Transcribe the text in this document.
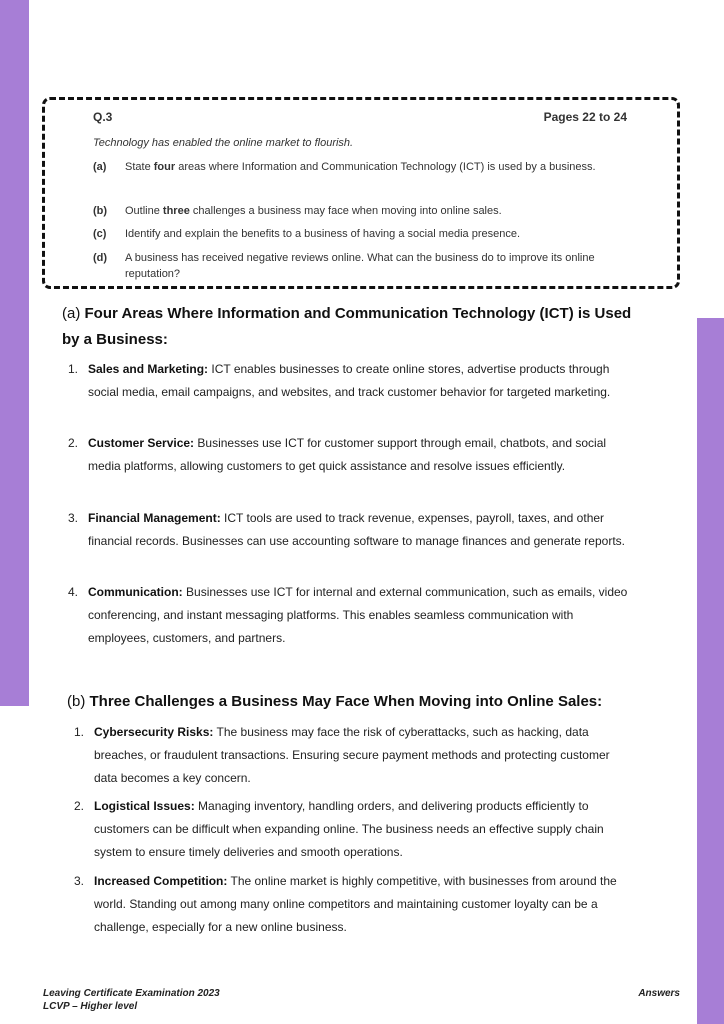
Q.3	Pages 22 to 24
Technology has enabled the online market to flourish.
(a) State four areas where Information and Communication Technology (ICT) is used by a business.
(b) Outline three challenges a business may face when moving into online sales.
(c) Identify and explain the benefits to a business of having a social media presence.
(d) A business has received negative reviews online. What can the business do to improve its online reputation?
(a) Four Areas Where Information and Communication Technology (ICT) is Used by a Business:
1. Sales and Marketing: ICT enables businesses to create online stores, advertise products through social media, email campaigns, and websites, and track customer behavior for targeted marketing.
2. Customer Service: Businesses use ICT for customer support through email, chatbots, and social media platforms, allowing customers to get quick assistance and resolve issues efficiently.
3. Financial Management: ICT tools are used to track revenue, expenses, payroll, taxes, and other financial records. Businesses can use accounting software to manage finances and generate reports.
4. Communication: Businesses use ICT for internal and external communication, such as emails, video conferencing, and instant messaging platforms. This enables seamless communication with employees, customers, and partners.
(b) Three Challenges a Business May Face When Moving into Online Sales:
1. Cybersecurity Risks: The business may face the risk of cyberattacks, such as hacking, data breaches, or fraudulent transactions. Ensuring secure payment methods and protecting customer data becomes a key concern.
2. Logistical Issues: Managing inventory, handling orders, and delivering products efficiently to customers can be difficult when expanding online. The business needs an effective supply chain system to ensure timely deliveries and smooth operations.
3. Increased Competition: The online market is highly competitive, with businesses from around the world. Standing out among many online competitors and maintaining customer loyalty can be a challenge, especially for a new online business.
Leaving Certificate Examination 2023
LCVP – Higher level
Answers
